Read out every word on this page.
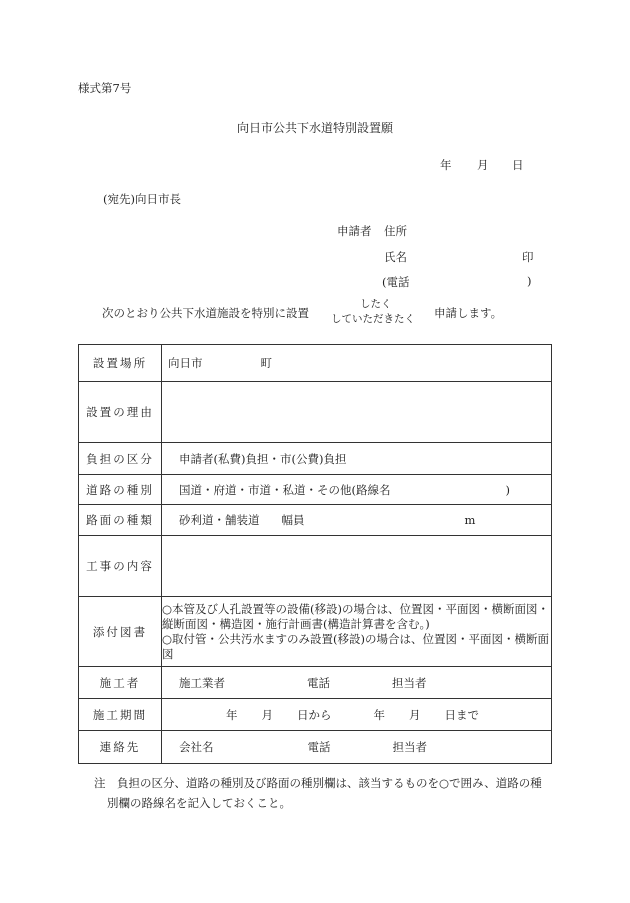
様式第7号
向日市公共下水道特別設置願
年 月 日
(宛先)向日市長
申請者 住所
氏名	印
(電話	)
次のとおり公共下水道施設を特別に設置
したく
していただきたく 申請します。
設置場所	向日市 町
設置の理由	
負担の区分	申請者(私費)負担・市(公費)負担
道路の種別	国道・府道・市道・私道・その他(路線名 )
路面の種類	砂利道・舗装道 幅員 m
工事の内容	
添付図書	○本管及び人孔設置等の設備(移設)の場合は、位置図・平面図・横断面図・縦断面図・構造図・施行計画書(構造計算書を含む。)
○取付管・公共汚水ますのみ設置(移設)の場合は、位置図・平面図・横断面図

施工者	施工業者 電話 担当者
施工期間	年 月 日から 年 月 日まで
連絡先	会社名 電話 担当者
注　負担の区分、道路の種別及び路面の種別欄は、該当するものを○で囲み、道路の種
別欄の路線名を記入しておくこと。
